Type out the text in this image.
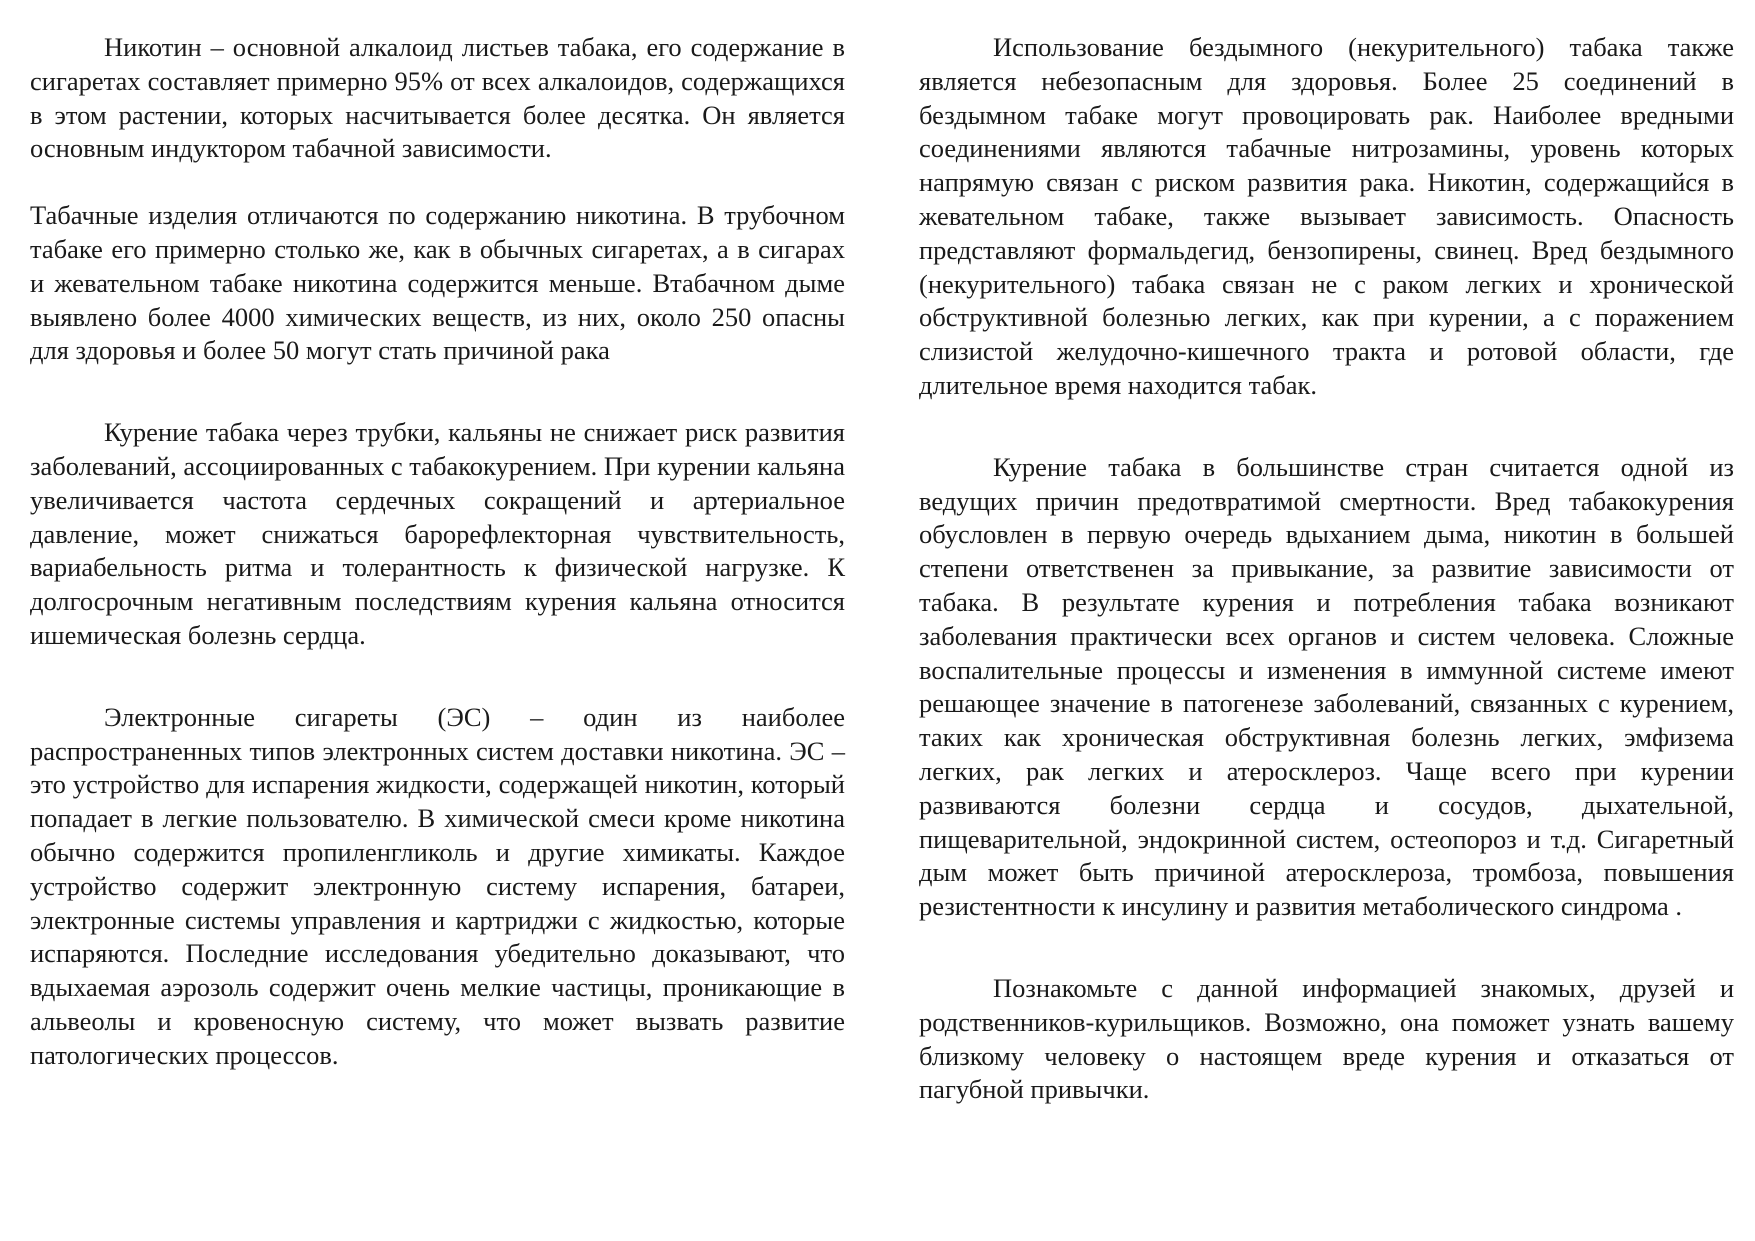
Никотин – основной алкалоид листьев табака, его содержание в сигаретах составляет примерно 95% от всех алкалоидов, содержащихся в этом растении, которых насчитывается более десятка. Он является основным индуктором табачной зависимости.

Табачные изделия отличаются по содержанию никотина. В трубочном табаке его примерно столько же, как в обычных сигаретах, а в сигарах и жевательном табаке никотина содержится меньше. Втабачном дыме выявлено более 4000 химических веществ, из них, около 250 опасны для здоровья и более 50 могут стать причиной рака

Курение табака через трубки, кальяны не снижает риск развития заболеваний, ассоциированных с табакокурением. При курении кальяна увеличивается частота сердечных сокращений и артериальное давление, может снижаться барорефлекторная чувствительность, вариабельность ритма и толерантность к физической нагрузке. К долгосрочным негативным последствиям курения кальяна относится ишемическая болезнь сердца.

Электронные сигареты (ЭС) – один из наиболее распространенных типов электронных систем доставки никотина. ЭС – это устройство для испарения жидкости, содержащей никотин, который попадает в легкие пользователю. В химической смеси кроме никотина обычно содержится пропиленгликоль и другие химикаты. Каждое устройство содержит электронную систему испарения, батареи, электронные системы управления и картриджи с жидкостью, которые испаряются. Последние исследования убедительно доказывают, что вдыхаемая аэрозоль содержит очень мелкие частицы, проникающие в альвеолы и кровеносную систему, что может вызвать развитие патологических процессов.

Использование бездымного (некурительного) табака также является небезопасным для здоровья. Более 25 соединений в бездымном табаке могут провоцировать рак. Наиболее вредными соединениями являются табачные нитрозамины, уровень которых напрямую связан с риском развития рака. Никотин, содержащийся в жевательном табаке, также вызывает зависимость. Опасность представляют формальдегид, бензопирены, свинец. Вред бездымного (некурительного) табака связан не с раком легких и хронической обструктивной болезнью легких, как при курении, а с поражением слизистой желудочно-кишечного тракта и ротовой области, где длительное время находится табак.

Курение табака в большинстве стран считается одной из ведущих причин предотвратимой смертности. Вред табакокурения обусловлен в первую очередь вдыханием дыма, никотин в большей степени ответственен за привыкание, за развитие зависимости от табака. В результате курения и потребления табака возникают заболевания практически всех органов и систем человека. Сложные воспалительные процессы и изменения в иммунной системе имеют решающее значение в патогенезе заболеваний, связанных с курением, таких как хроническая обструктивная болезнь легких, эмфизема легких, рак легких и атеросклероз. Чаще всего при курении развиваются болезни сердца и сосудов, дыхательной, пищеварительной, эндокринной систем, остеопороз и т.д. Сигаретный дым может быть причиной атеросклероза, тромбоза, повышения резистентности к инсулину и развития метаболического синдрома .

Познакомьте с данной информацией знакомых, друзей и родственников-курильщиков. Возможно, она поможет узнать вашему близкому человеку о настоящем вреде курения и отказаться от пагубной привычки.
